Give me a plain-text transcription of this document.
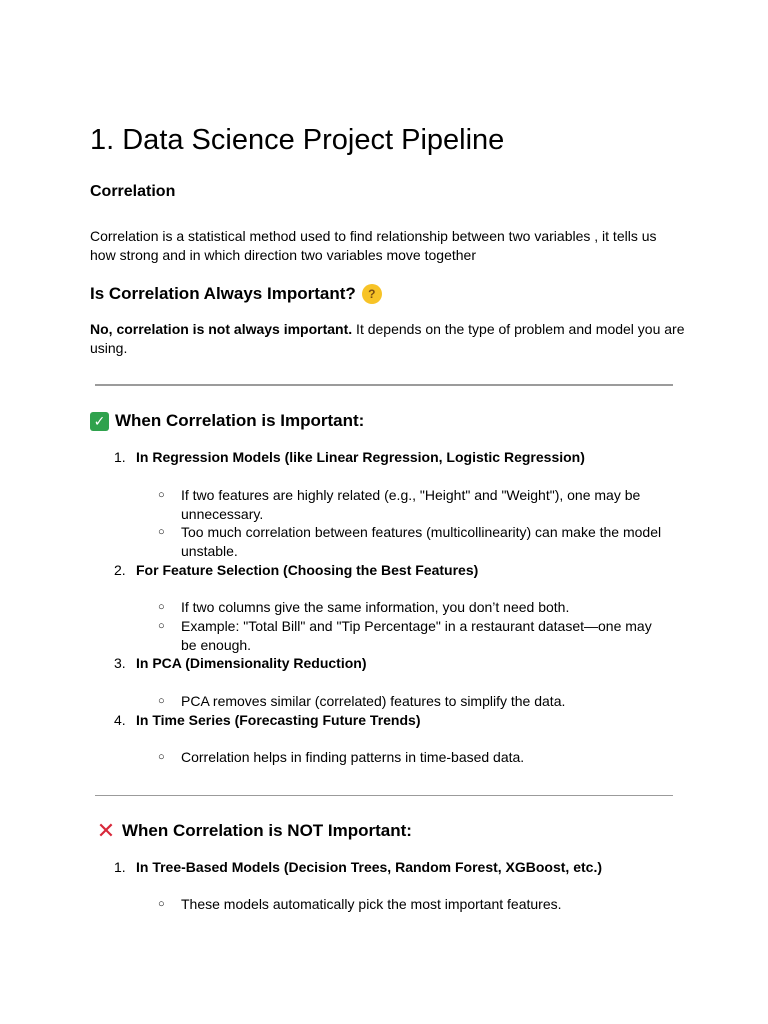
1. Data Science Project Pipeline
Correlation

Correlation is a statistical method used to find relationship between two variables , it tells us how strong and in which direction two variables move together

Is Correlation Always Important?	?

No, correlation is not always important. It depends on the type of problem and model you are using.

✓ When Correlation is Important:
1. In Regression Models (like Linear Regression, Logistic Regression)
○ If two features are highly related (e.g., "Height" and "Weight"), one may be unnecessary.
○ Too much correlation between features (multicollinearity) can make the model unstable.
2. For Feature Selection (Choosing the Best Features)
○ If two columns give the same information, you don’t need both.
○ Example: "Total Bill" and "Tip Percentage" in a restaurant dataset—one may be enough.
3. In PCA (Dimensionality Reduction)
○ PCA removes similar (correlated) features to simplify the data.
4. In Time Series (Forecasting Future Trends)
○ Correlation helps in finding patterns in time-based data.
✕ When Correlation is NOT Important:
1. In Tree-Based Models (Decision Trees, Random Forest, XGBoost, etc.)
○ These models automatically pick the most important features.
